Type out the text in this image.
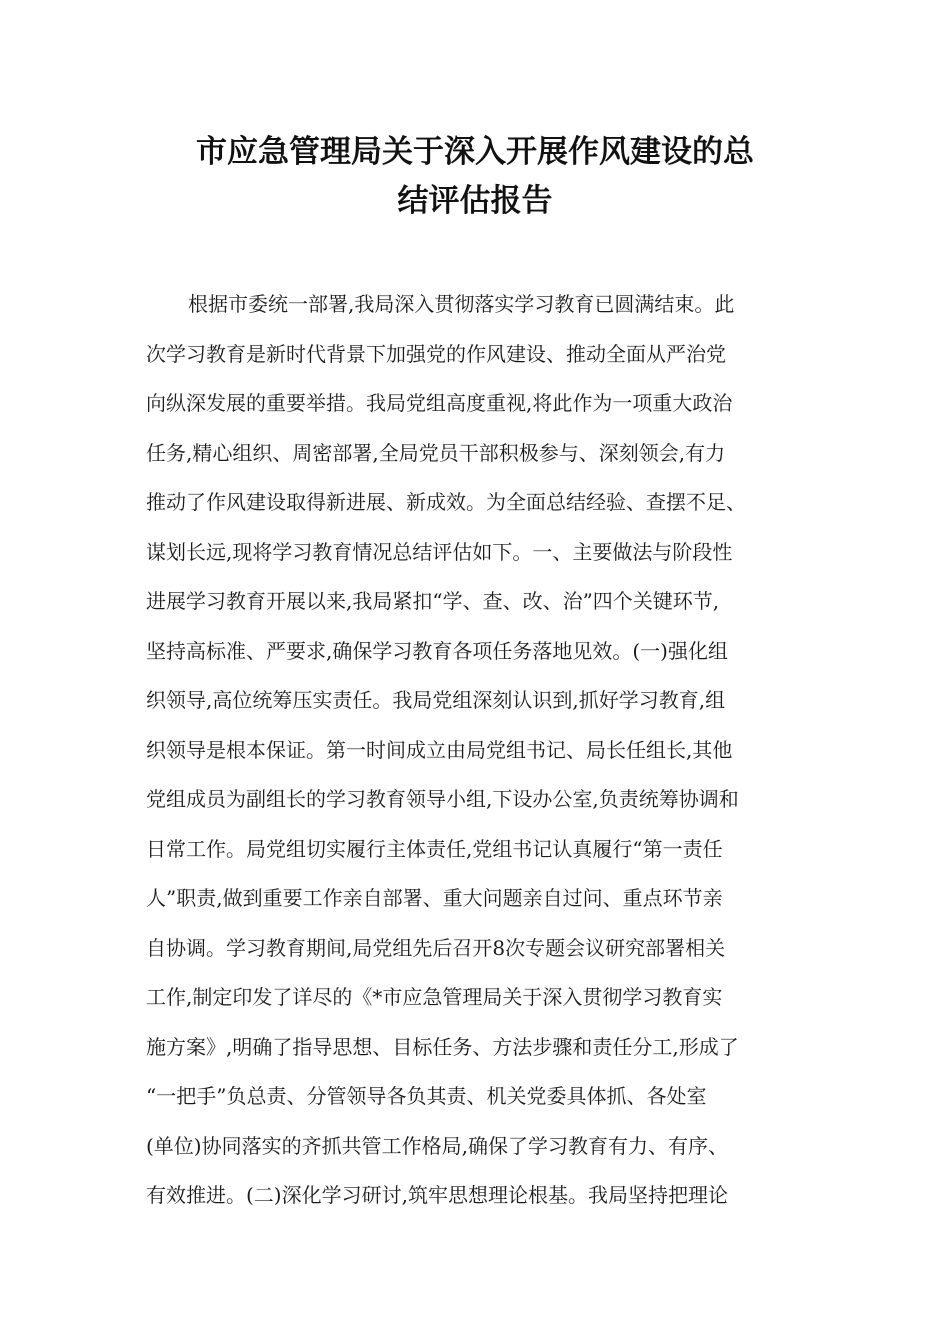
市应急管理局关于深入开展作风建设的总
结评估报告
根据市委统一部署,我局深入贯彻落实学习教育已圆满结束。此
次学习教育是新时代背景下加强党的作风建设、推动全面从严治党
向纵深发展的重要举措。我局党组高度重视,将此作为一项重大政治
任务,精心组织、周密部署,全局党员干部积极参与、深刻领会,有力
推动了作风建设取得新进展、新成效。为全面总结经验、查摆不足、
谋划长远,现将学习教育情况总结评估如下。一、主要做法与阶段性
进展学习教育开展以来,我局紧扣“学、查、改、治”四个关键环节,
坚持高标准、严要求,确保学习教育各项任务落地见效。(一)强化组
织领导,高位统筹压实责任。我局党组深刻认识到,抓好学习教育,组
织领导是根本保证。第一时间成立由局党组书记、局长任组长,其他
党组成员为副组长的学习教育领导小组,下设办公室,负责统筹协调和
日常工作。局党组切实履行主体责任,党组书记认真履行“第一责任
人”职责,做到重要工作亲自部署、重大问题亲自过问、重点环节亲
自协调。学习教育期间,局党组先后召开8次专题会议研究部署相关
工作,制定印发了详尽的《*市应急管理局关于深入贯彻学习教育实
施方案》,明确了指导思想、目标任务、方法步骤和责任分工,形成了
“一把手”负总责、分管领导各负其责、机关党委具体抓、各处室
(单位)协同落实的齐抓共管工作格局,确保了学习教育有力、有序、
有效推进。(二)深化学习研讨,筑牢思想理论根基。我局坚持把理论
